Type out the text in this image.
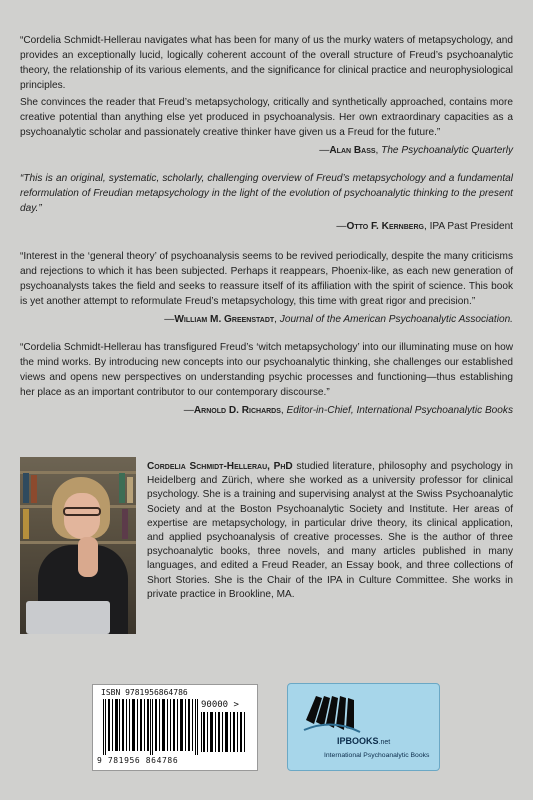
“Cordelia Schmidt-Hellerau navigates what has been for many of us the murky waters of metapsychology, and provides an exceptionally lucid, logically coherent account of the overall structure of Freud’s psychoanalytic theory, the relationship of its various elements, and the significance for clinical practice and neurophysiological principles.

She convinces the reader that Freud’s metapsychology, critically and synthetically approached, contains more creative potential than anything else yet produced in psychoanalysis. Her own extraordinary capacities as a psychoanalytic scholar and passionately creative thinker have given us a Freud for the future.”

—Alan Bass, The Psychoanalytic Quarterly

“This is an original, systematic, scholarly, challenging overview of Freud’s metapsychology and a fundamental reformulation of Freudian metapsychology in the light of the evolution of psychoanalytic thinking to the present day.”

—Otto F. Kernberg, IPA Past President

“Interest in the ‘general theory’ of psychoanalysis seems to be revived periodically, despite the many criticisms and rejections to which it has been subjected. Perhaps it reappears, Phoenix-like, as each new generation of psychoanalysts takes the field and seeks to reassure itself of its affiliation with the spirit of science. This book is yet another attempt to reformulate Freud’s metapsychology, this time with great rigor and precision.”

—William M. Greenstadt, Journal of the American Psychoanalytic Association.

“Cordelia Schmidt-Hellerau has transfigured Freud’s ‘witch metapsychology’ into our illuminating muse on how the mind works. By introducing new concepts into our psychoanalytic thinking, she challenges our established views and opens new perspectives on understanding psychic processes and functioning—thus establishing her place as an important contributor to our contemporary discourse.”

—Arnold D. Richards, Editor-in-Chief, International Psychoanalytic Books
Cordelia Schmidt-Hellerau, PhD studied literature, philosophy and psychology in Heidelberg and Zürich, where she worked as a university professor for clinical psychology. She is a training and supervising analyst at the Swiss Psychoanalytic Society and at the Boston Psychoanalytic Society and Institute. Her areas of expertise are metapsychology, in particular drive theory, its clinical application, and applied psychoanalysis of creative processes. She is the author of three psychoanalytic books, three novels, and many articles published in many languages, and edited a Freud Reader, an Essay book, and three collections of Short Stories. She is the Chair of the IPA in Culture Committee. She works in private practice in Brookline, MA.
ISBN 9781956864786
90000 >
9 781956 864786
IPBOOKS.net
International Psychoanalytic Books
